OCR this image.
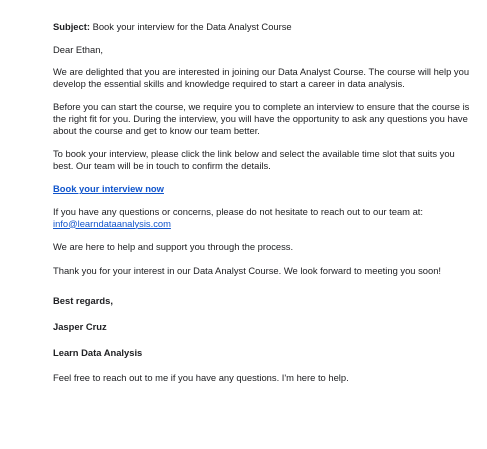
Subject: Book your interview for the Data Analyst Course

Dear Ethan,

We are delighted that you are interested in joining our Data Analyst Course. The course will help you develop the essential skills and knowledge required to start a career in data analysis.

Before you can start the course, we require you to complete an interview to ensure that the course is the right fit for you. During the interview, you will have the opportunity to ask any questions you have about the course and get to know our team better.

To book your interview, please click the link below and select the available time slot that suits you best. Our team will be in touch to confirm the details.

Book your interview now

If you have any questions or concerns, please do not hesitate to reach out to our team at:
info@learndataanalysis.com

We are here to help and support you through the process.

Thank you for your interest in our Data Analyst Course. We look forward to meeting you soon!

Best regards,

Jasper Cruz

Learn Data Analysis

Feel free to reach out to me if you have any questions. I'm here to help.
